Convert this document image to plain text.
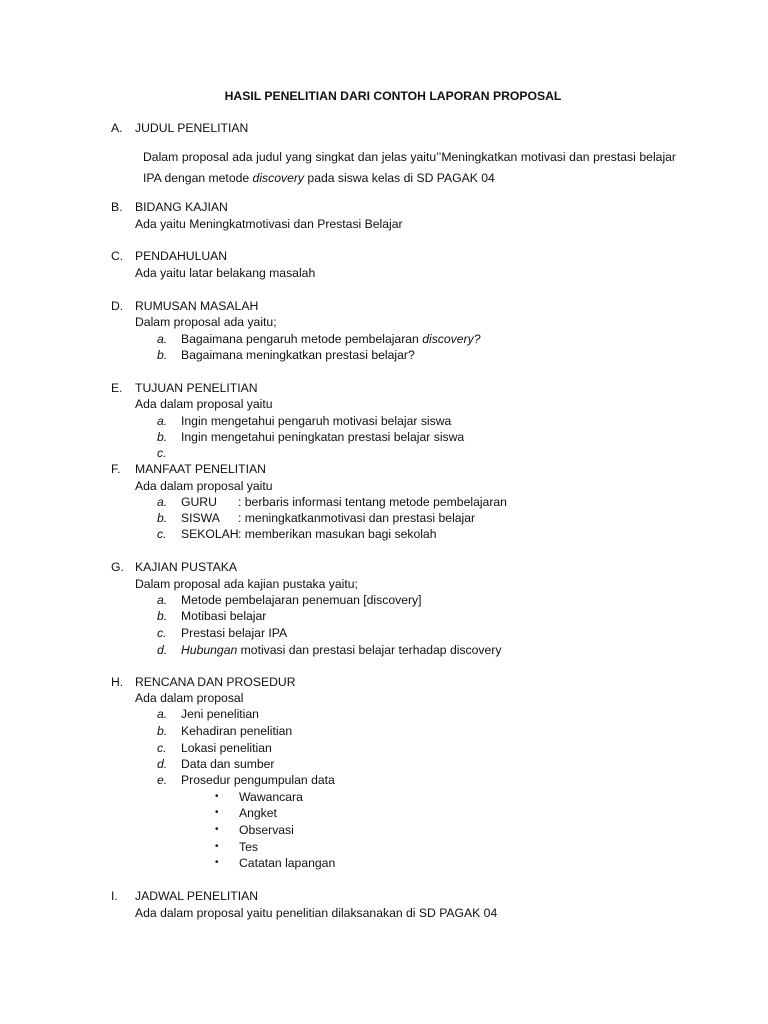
HASIL PENELITIAN DARI CONTOH LAPORAN PROPOSAL
A. JUDUL PENELITIAN
Dalam proposal ada judul yang singkat dan jelas yaitu’’Meningkatkan motivasi dan prestasi belajar IPA dengan metode discovery pada siswa kelas di SD PAGAK 04
B. BIDANG KAJIAN
Ada yaitu Meningkatmotivasi dan Prestasi Belajar
C. PENDAHULUAN
Ada yaitu latar belakang masalah
D. RUMUSAN MASALAH
Dalam proposal ada yaitu;
a. Bagaimana pengaruh metode pembelajaran discovery?
b. Bagaimana meningkatkan prestasi belajar?
E. TUJUAN PENELITIAN
Ada dalam proposal yaitu
a. Ingin mengetahui pengaruh motivasi belajar siswa
b. Ingin mengetahui peningkatan prestasi belajar siswa
c.
F. MANFAAT PENELITIAN
Ada dalam proposal yaitu
a. GURU : berbaris informasi tentang metode pembelajaran
b. SISWA : meningkatkanmotivasi dan prestasi belajar
c. SEKOLAH : memberikan masukan bagi sekolah
G. KAJIAN PUSTAKA
Dalam proposal ada kajian pustaka yaitu;
a. Metode pembelajaran penemuan [discovery]
b. Motibasi belajar
c. Prestasi belajar IPA
d. Hubungan motivasi dan prestasi belajar terhadap discovery
H. RENCANA DAN PROSEDUR
Ada dalam proposal
a. Jeni penelitian
b. Kehadiran penelitian
c. Lokasi penelitian
d. Data dan sumber
e. Prosedur pengumpulan data
• Wawancara
• Angket
• Observasi
• Tes
• Catatan lapangan
I. JADWAL PENELITIAN
Ada dalam proposal yaitu penelitian dilaksanakan di SD PAGAK 04
